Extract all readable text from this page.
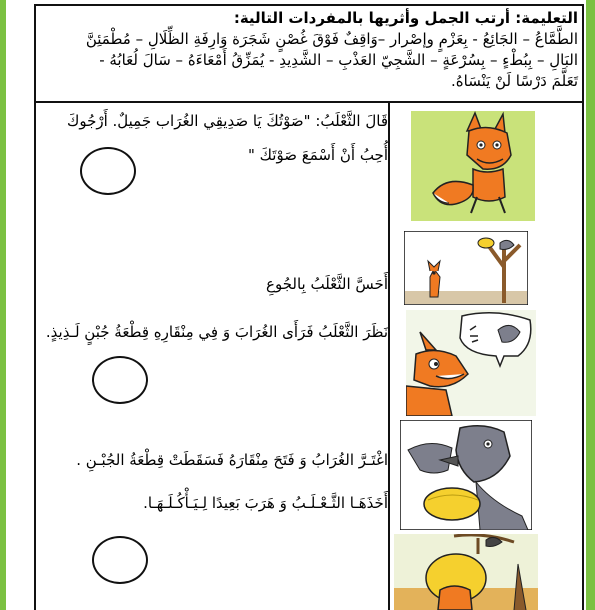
التعليمة: أرتب الجمل وأثريها بالمفردات التالية:
الطَّمَّاعُ – الجَائِعُ - بِعَزْمٍ وإصْرار –وَاقِفٌ فَوْقَ غُصْنٍ شَجَرَة وَارِفَةِ الظِّلَالِ – مُطْمَئِنَّ
البَالِ – بِبُطْءٍ – بِسُرْعَةٍ – الشَّجِيّ العَذْبِ – الشَّدِيدِ - يُمَزِّقُ أَمْعَاءَهُ – سَالَ لُعَابُهُ -
تَعَلَّمَ دَرْسًا لَنْ يَنْسَاهُ.
قَالَ الثَّعْلَبُ: "صَوْتُكَ يَا صَدِيقِي الغُرَاب جَمِيلٌ. أَرْجُوكَ
أُحِبُ أَنْ أَسْمَعَ صَوْتَكَ "
أَحَسَّ الثَّعْلَبُ بِالجُوعِ
نَظَرَ الثَّعْلَبُ فَرَأَى الغُرَابَ وَ فِي مِنْقَارِهِ قِطْعَةُ جُبْنٍ لَـذِيذٍ.
اغْتَـرَّ الغُرَابُ وَ فَتَحَ مِنْقَارَهُ فَسَقَطَتْ قِطْعَةُ الجُبْـنِ .
أَخَذَهَـا الثَّـعْـلَـبُ وَ هَرَبَ بَعِيدًا لِـيَـأْكُـلَـهَـا.
